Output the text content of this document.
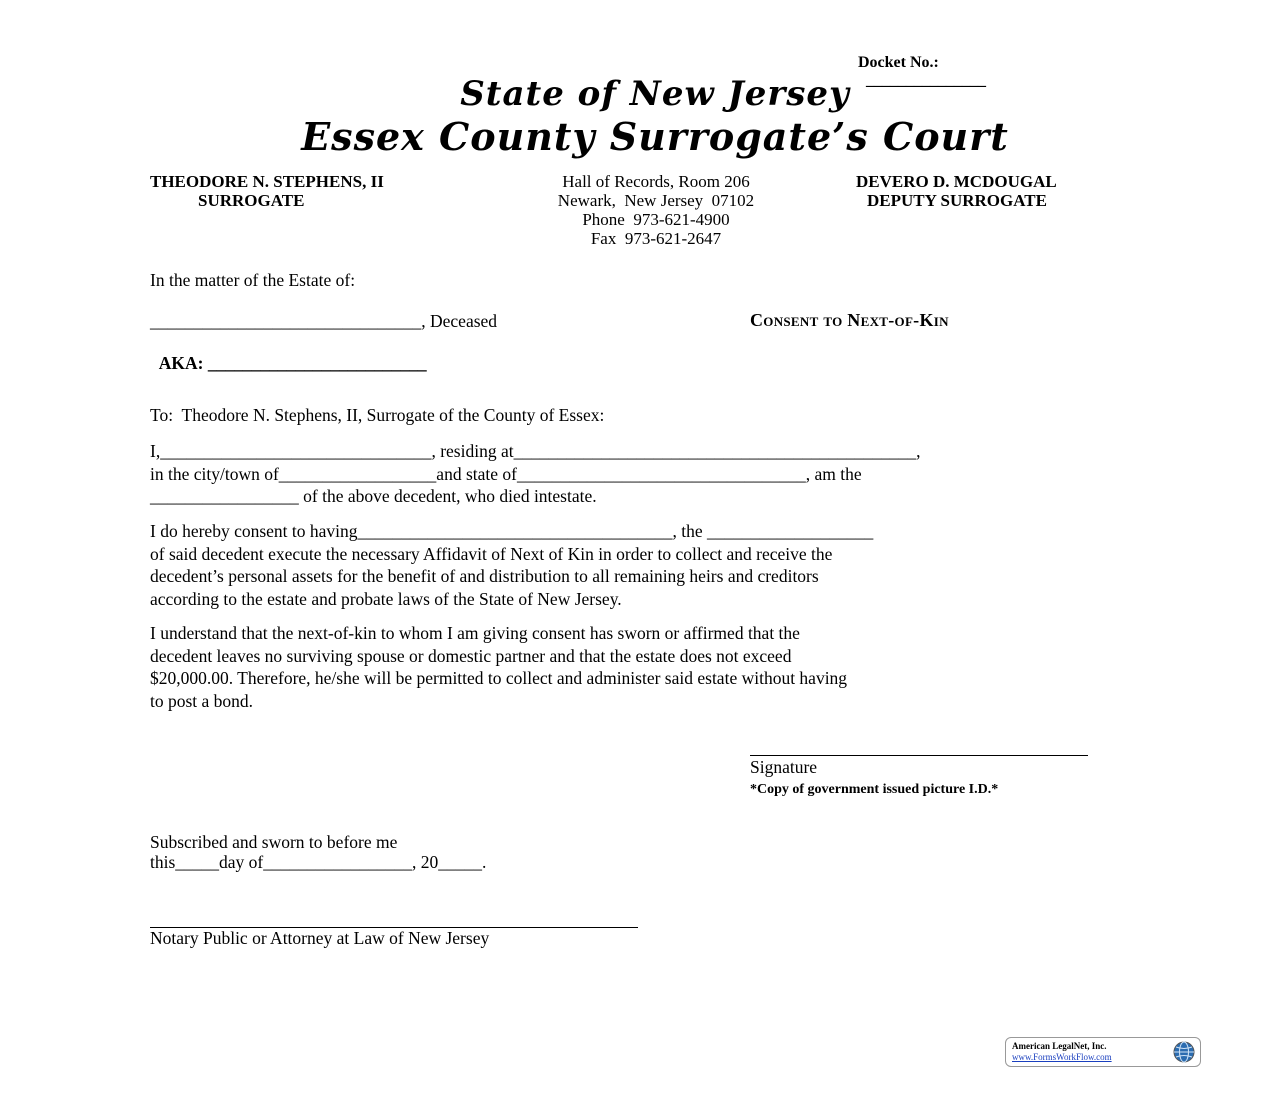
Docket No.:
_______________

State of New Jersey
Essex County Surrogate’s Court
THEODORE N. STEPHENS, II
SURROGATE
Hall of Records, Room 206
Newark,  New Jersey  07102
Phone  973-621-4900
Fax  973-621-2647
DEVERO D. MCDOUGAL
DEPUTY SURROGATE
In the matter of the Estate of:
_______________________________, Deceased

AKA: _________________________

Consent to Next-of-Kin
To:  Theodore N. Stephens, II, Surrogate of the County of Essex:
I,_______________________________, residing at______________________________________________,
in the city/town of__________________and state of_________________________________, am the
_________________ of the above decedent, who died intestate.
I do hereby consent to having____________________________________, the ___________________
of said decedent execute the necessary Affidavit of Next of Kin in order to collect and receive the
decedent’s personal assets for the benefit of and distribution to all remaining heirs and creditors
according to the estate and probate laws of the State of New Jersey.
I understand that the next-of-kin to whom I am giving consent has sworn or affirmed that the
decedent leaves no surviving spouse or domestic partner and that the estate does not exceed
$20,000.00. Therefore, he/she will be permitted to collect and administer said estate without having
to post a bond.
Signature
*Copy of government issued picture I.D.*
Subscribed and sworn to before me
this_____day of_________________, 20_____.
Notary Public or Attorney at Law of New Jersey
American LegalNet, Inc.
www.FormsWorkFlow.com
